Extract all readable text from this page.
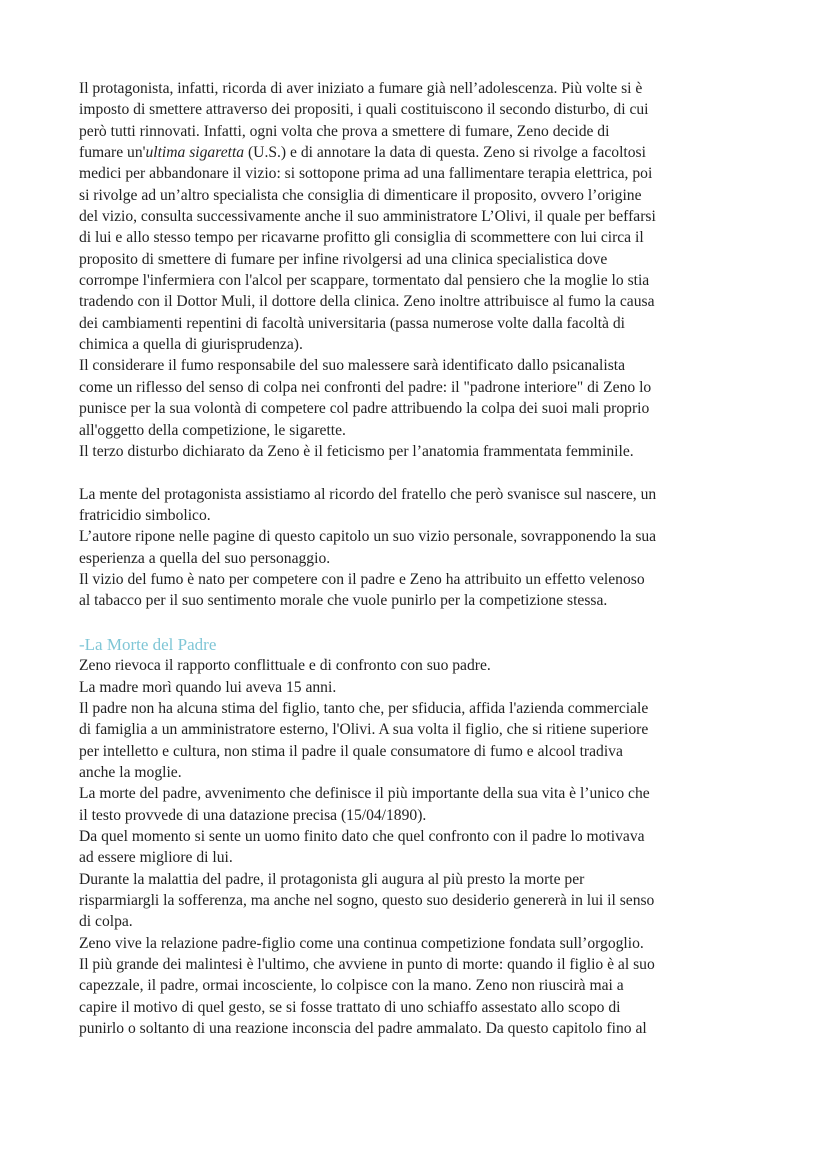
Il protagonista, infatti, ricorda di aver iniziato a fumare già nell’adolescenza. Più volte si è
imposto di smettere attraverso dei propositi, i quali costituiscono il secondo disturbo, di cui
però tutti rinnovati. Infatti, ogni volta che prova a smettere di fumare, Zeno decide di
fumare un'ultima sigaretta (U.S.) e di annotare la data di questa. Zeno si rivolge a facoltosi
medici per abbandonare il vizio: si sottopone prima ad una fallimentare terapia elettrica, poi
si rivolge ad un’altro specialista che consiglia di dimenticare il proposito, ovvero l’origine
del vizio, consulta successivamente anche il suo amministratore L’Olivi, il quale per beffarsi
di lui e allo stesso tempo per ricavarne profitto gli consiglia di scommettere con lui circa il
proposito di smettere di fumare per infine rivolgersi ad una clinica specialistica dove
corrompe l'infermiera con l'alcol per scappare, tormentato dal pensiero che la moglie lo stia
tradendo con il Dottor Muli, il dottore della clinica. Zeno inoltre attribuisce al fumo la causa
dei cambiamenti repentini di facoltà universitaria (passa numerose volte dalla facoltà di
chimica a quella di giurisprudenza).

Il considerare il fumo responsabile del suo malessere sarà identificato dallo psicanalista
come un riflesso del senso di colpa nei confronti del padre: il "padrone interiore" di Zeno lo
punisce per la sua volontà di competere col padre attribuendo la colpa dei suoi mali proprio
all'oggetto della competizione, le sigarette.

Il terzo disturbo dichiarato da Zeno è il feticismo per l’anatomia frammentata femminile.

La mente del protagonista assistiamo al ricordo del fratello che però svanisce sul nascere, un
fratricidio simbolico.

L’autore ripone nelle pagine di questo capitolo un suo vizio personale, sovrapponendo la sua
esperienza a quella del suo personaggio.

Il vizio del fumo è nato per competere con il padre e Zeno ha attribuito un effetto velenoso
al tabacco per il suo sentimento morale che vuole punirlo per la competizione stessa.

-La Morte del Padre

Zeno rievoca il rapporto conflittuale e di confronto con suo padre.

La madre morì quando lui aveva 15 anni.

Il padre non ha alcuna stima del figlio, tanto che, per sfiducia, affida l'azienda commerciale
di famiglia a un amministratore esterno, l'Olivi. A sua volta il figlio, che si ritiene superiore
per intelletto e cultura, non stima il padre il quale consumatore di fumo e alcool tradiva
anche la moglie.

La morte del padre, avvenimento che definisce il più importante della sua vita è l’unico che
il testo provvede di una datazione precisa (15/04/1890).

Da quel momento si sente un uomo finito dato che quel confronto con il padre lo motivava
ad essere migliore di lui.

Durante la malattia del padre, il protagonista gli augura al più presto la morte per
risparmiargli la sofferenza, ma anche nel sogno, questo suo desiderio genererà in lui il senso
di colpa.

Zeno vive la relazione padre-figlio come una continua competizione fondata sull’orgoglio.

Il più grande dei malintesi è l'ultimo, che avviene in punto di morte: quando il figlio è al suo
capezzale, il padre, ormai incosciente, lo colpisce con la mano. Zeno non riuscirà mai a
capire il motivo di quel gesto, se si fosse trattato di uno schiaffo assestato allo scopo di
punirlo o soltanto di una reazione inconscia del padre ammalato. Da questo capitolo fino al
